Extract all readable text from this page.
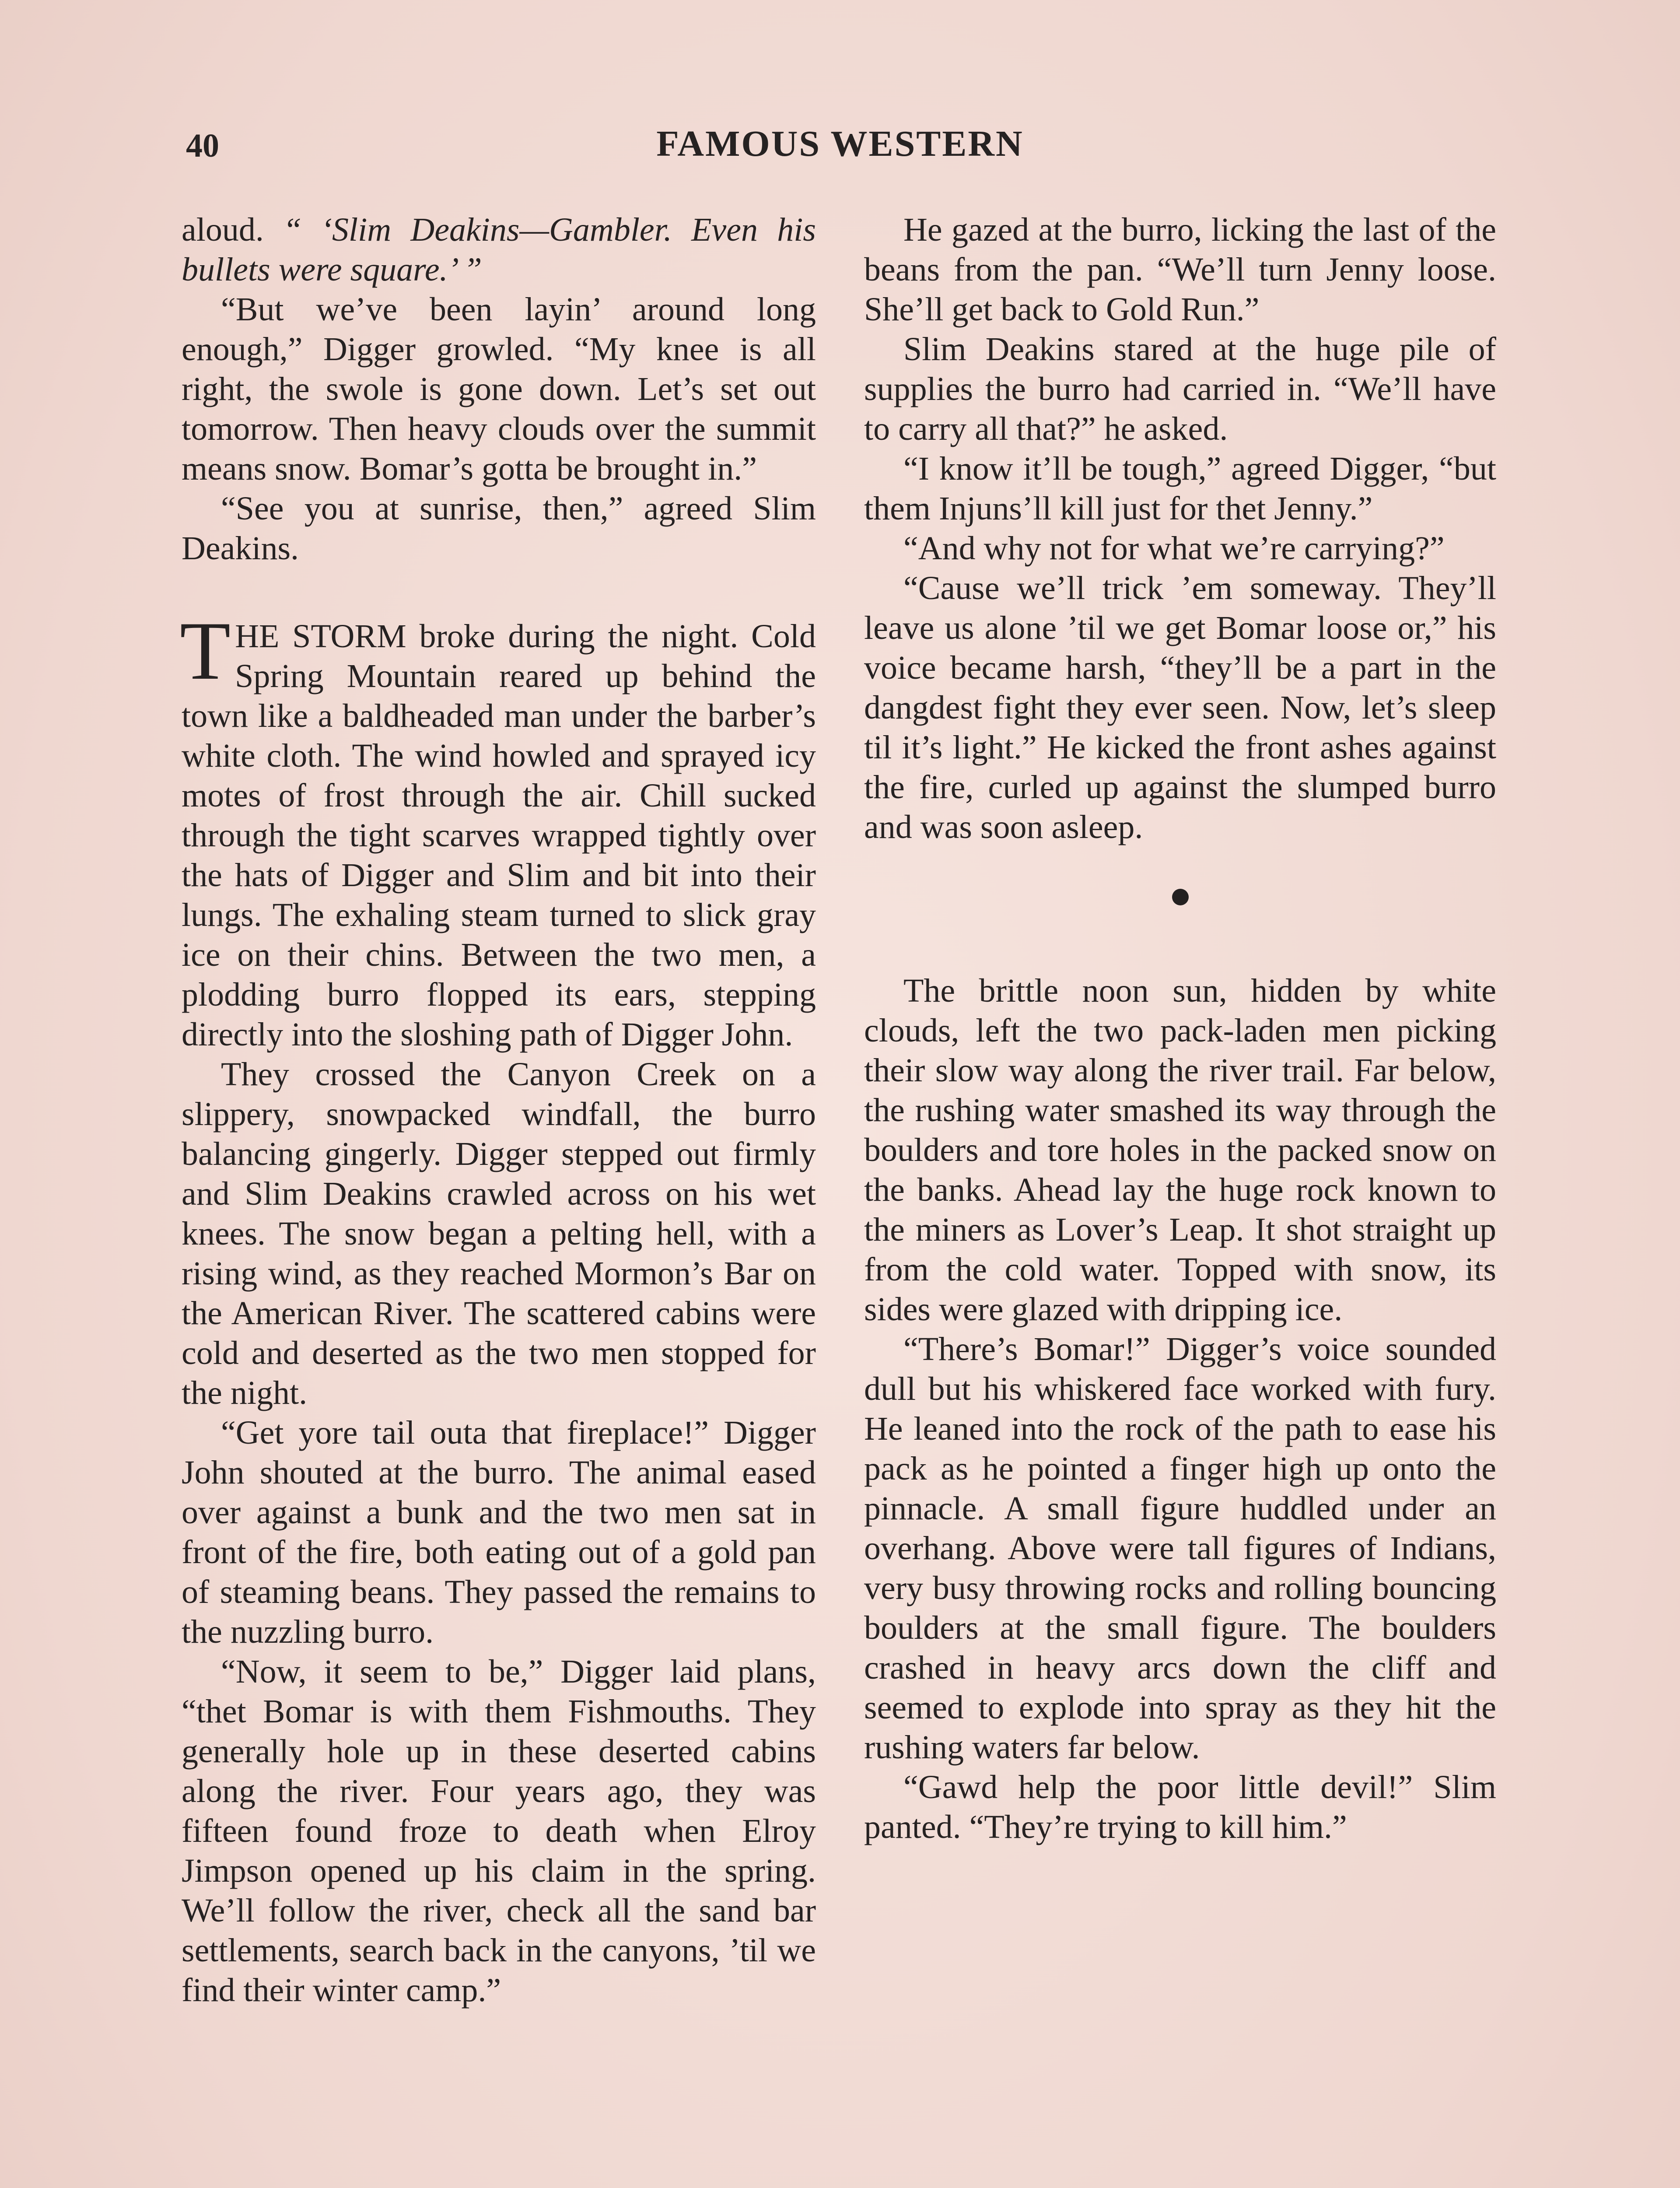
40	FAMOUS WESTERN

aloud. “ ‘Slim Deakins—Gambler. Even his bullets were square.’ ”

“But we’ve been layin’ around long enough,” Digger growled. “My knee is all right, the swole is gone down. Let’s set out tomorrow. Then heavy clouds over the summit means snow. Bomar’s gotta be brought in.”

“See you at sunrise, then,” agreed Slim Deakins.

THE STORM broke during the night. Cold Spring Mountain reared up behind the town like a baldheaded man under the barber’s white cloth. The wind howled and sprayed icy motes of frost through the air. Chill sucked through the tight scarves wrapped tightly over the hats of Digger and Slim and bit into their lungs. The exhaling steam turned to slick gray ice on their chins. Between the two men, a plodding burro flopped its ears, stepping directly into the sloshing path of Digger John.

They crossed the Canyon Creek on a slippery, snowpacked windfall, the burro balancing gingerly. Digger stepped out firmly and Slim Deakins crawled across on his wet knees. The snow began a pelting hell, with a rising wind, as they reached Mormon’s Bar on the American River. The scattered cabins were cold and deserted as the two men stopped for the night.

“Get yore tail outa that fireplace!” Digger John shouted at the burro. The animal eased over against a bunk and the two men sat in front of the fire, both eating out of a gold pan of steaming beans. They passed the remains to the nuzzling burro.

“Now, it seem to be,” Digger laid plans, “thet Bomar is with them Fishmouths. They generally hole up in these deserted cabins along the river. Four years ago, they was fifteen found froze to death when Elroy Jimpson opened up his claim in the spring. We’ll follow the river, check all the sand bar settlements, search back in the canyons, ’til we find their winter camp.”

He gazed at the burro, licking the last of the beans from the pan. “We’ll turn Jenny loose. She’ll get back to Gold Run.”

Slim Deakins stared at the huge pile of supplies the burro had carried in. “We’ll have to carry all that?” he asked.

“I know it’ll be tough,” agreed Digger, “but them Injuns’ll kill just for thet Jenny.”

“And why not for what we’re carrying?”

“Cause we’ll trick ’em someway. They’ll leave us alone ’til we get Bomar loose or,” his voice became harsh, “they’ll be a part in the dangdest fight they ever seen. Now, let’s sleep til it’s light.” He kicked the front ashes against the fire, curled up against the slumped burro and was soon asleep.

The brittle noon sun, hidden by white clouds, left the two pack-laden men picking their slow way along the river trail. Far below, the rushing water smashed its way through the boulders and tore holes in the packed snow on the banks. Ahead lay the huge rock known to the miners as Lover’s Leap. It shot straight up from the cold water. Topped with snow, its sides were glazed with dripping ice.

“There’s Bomar!” Digger’s voice sounded dull but his whiskered face worked with fury. He leaned into the rock of the path to ease his pack as he pointed a finger high up onto the pinnacle. A small figure huddled under an overhang. Above were tall figures of Indians, very busy throwing rocks and rolling bouncing boulders at the small figure. The boulders crashed in heavy arcs down the cliff and seemed to explode into spray as they hit the rushing waters far below.

“Gawd help the poor little devil!” Slim panted. “They’re trying to kill him.”
